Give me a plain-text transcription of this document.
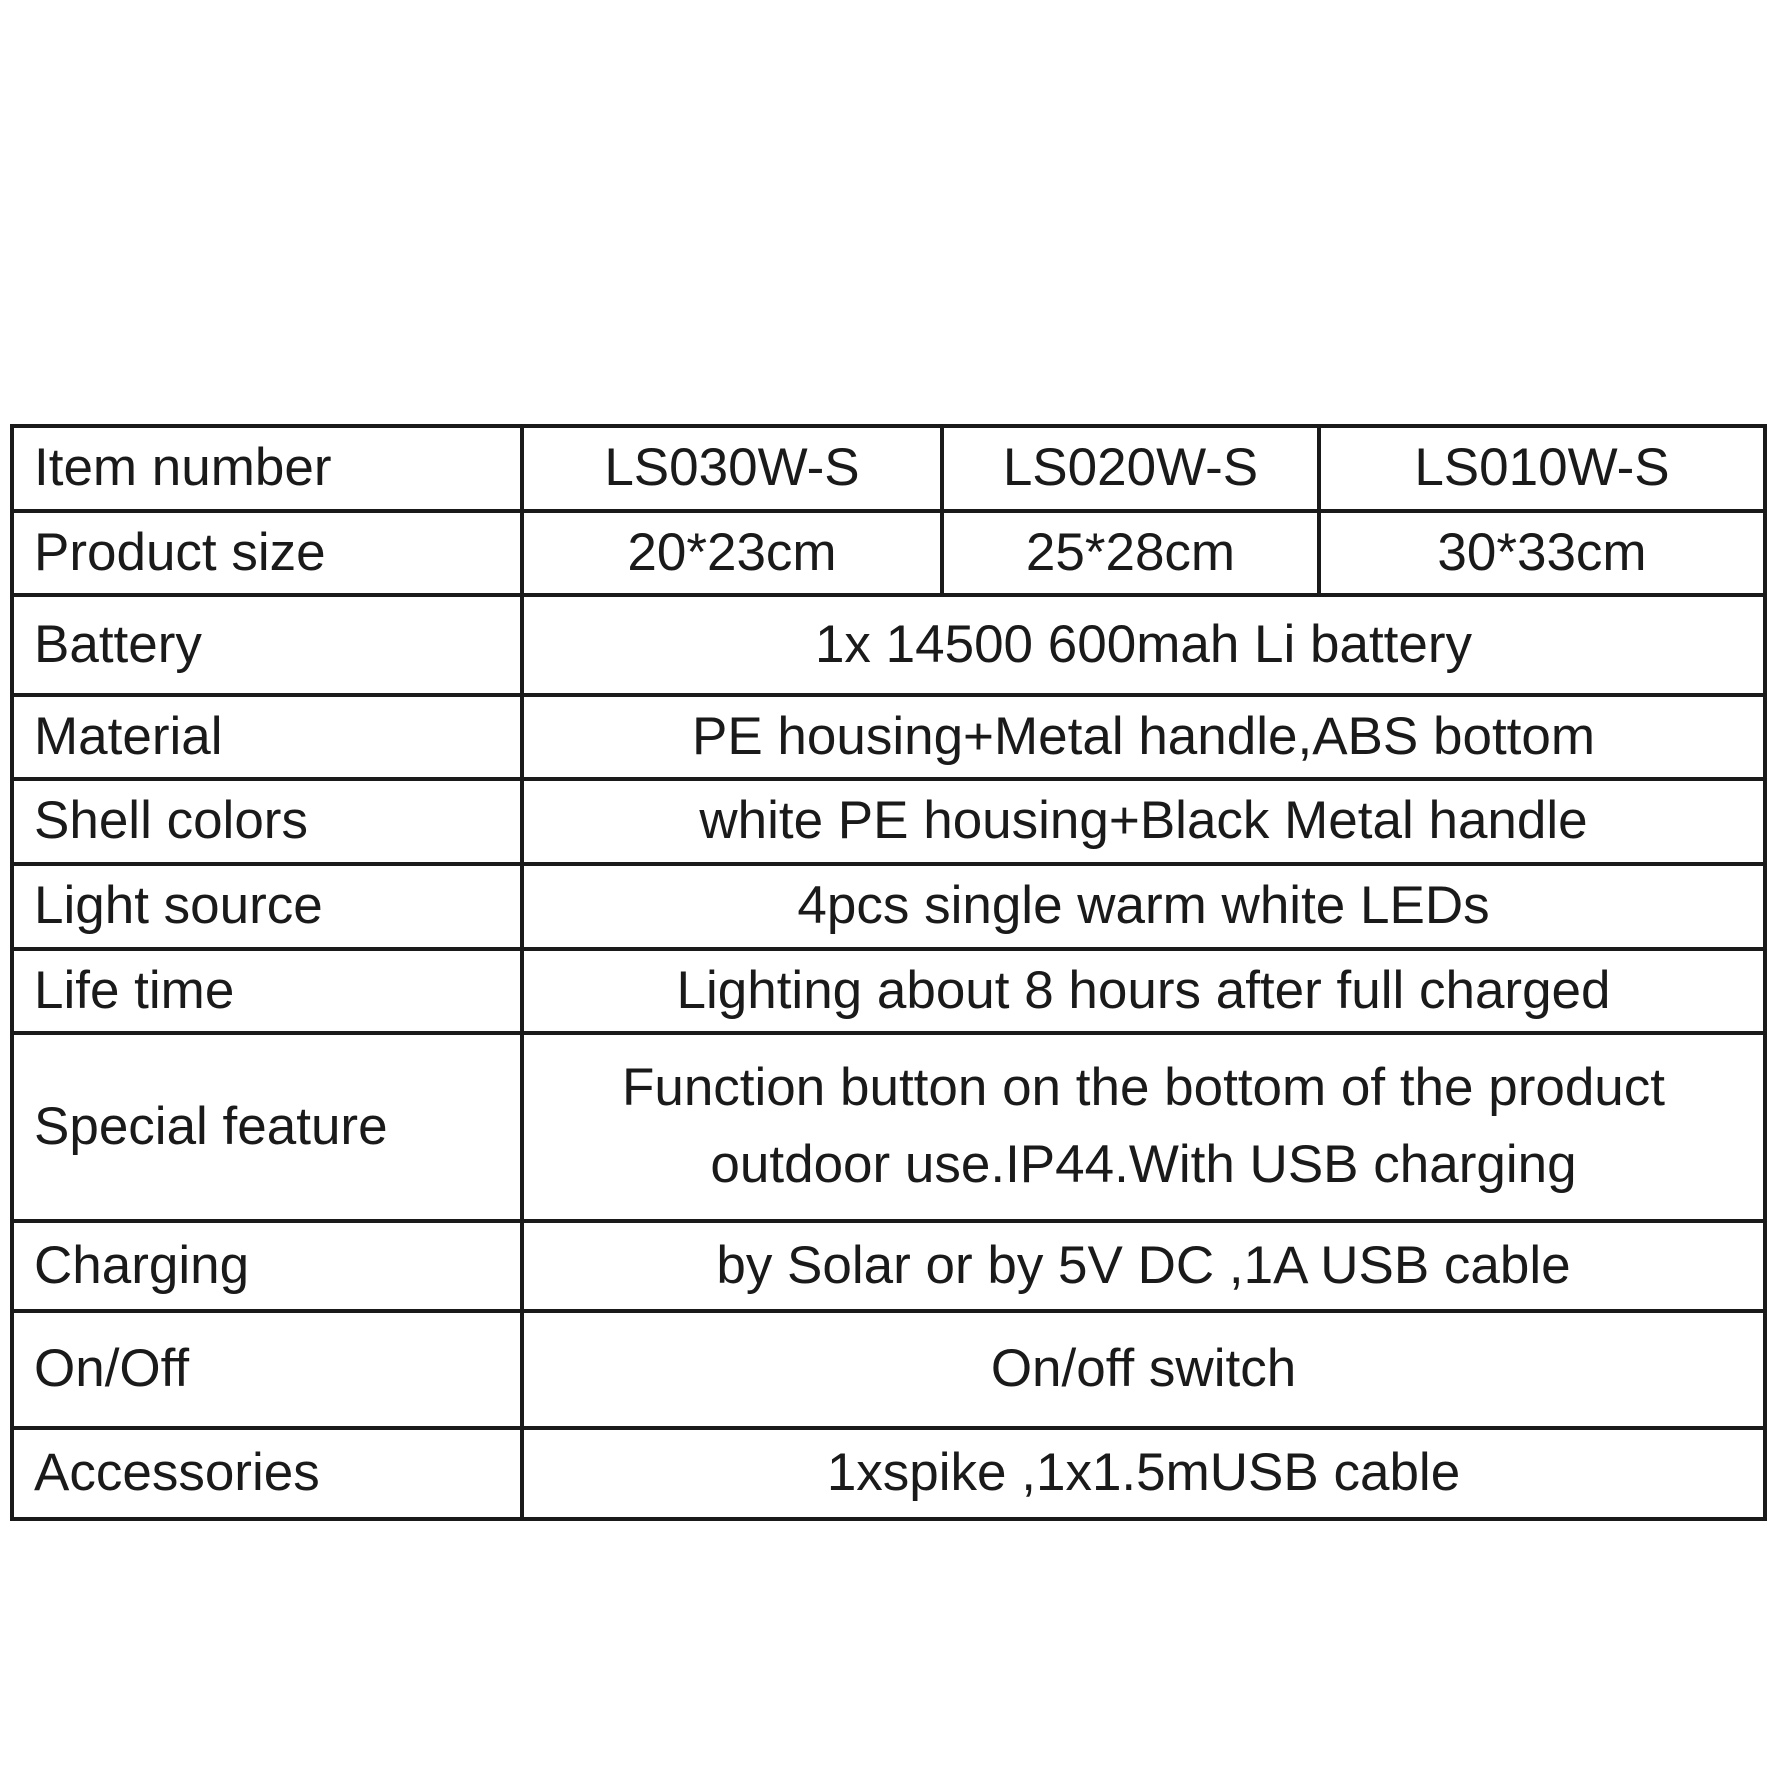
Item number	LS030W-S	LS020W-S	LS010W-S
Product size	20*23cm	25*28cm	30*33cm
Battery	1x 14500 600mah Li battery		
Material	PE housing+Metal handle,ABS bottom		
Shell colors	white PE housing+Black Metal handle		
Light source	4pcs single warm white LEDs		
Life time	Lighting about 8 hours after full charged		
Special feature	Function button on the bottom of the product
outdoor use.IP44.With USB charging		

Charging	by Solar or by 5V DC ,1A USB cable		
On/Off	On/off switch		
Accessories	1xspike ,1x1.5mUSB cable		
